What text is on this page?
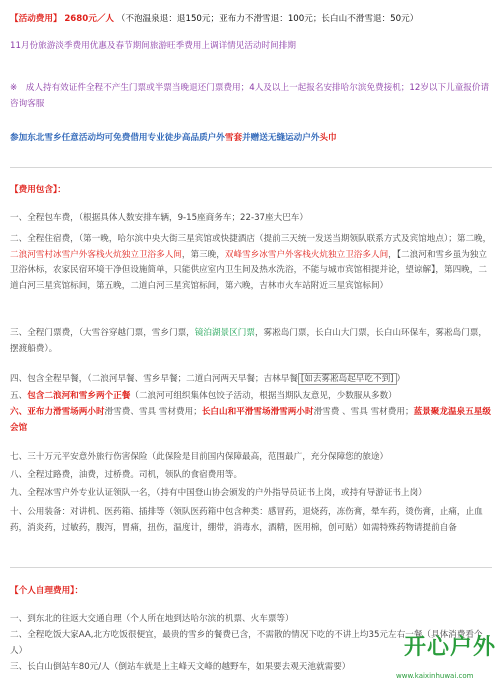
【活动费用】 2680元／人 （不泡温泉退：退150元；亚布力不滑雪退：100元；长白山不滑雪退：50元）
11月份旅游淡季费用优惠及春节期间旅游旺季费用上调详情见活动时间排期
※　成人持有效证件全程不产生门票或半票当晚退还门票费用；4人及以上一起报名安排哈尔滨免费接机；12岁以下儿童报价请咨询客服
参加东北雪乡任意活动均可免费借用专业徒步高品质户外雪套并赠送无缝运动户外头巾
【费用包含】：
一、全程包车费，（根据具体人数安排车辆，9-15座商务车；22-37座大巴车）
二、全程住宿费，（第一晚，哈尔滨中央大街三星宾馆或快捷酒店（提前三天统一发送当期领队联系方式及宾馆地点）；第二晚，二浪河雪村冰雪户外客栈火炕独立卫浴多人间，第三晚，双峰雪乡冰雪户外客栈火炕独立卫浴多人间，【二浪河和雪乡虽为独立卫浴休标，农家民宿环境干净但设施简单，只能供应室内卫生间及热水洗浴，不能与城市宾馆相提并论，望谅解】，第四晚，二道白河三星宾馆标间，第五晚，二道白河三星宾馆标间，第六晚，吉林市火车站附近三星宾馆标间）
三、全程门票费，（大雪谷穿越门票，雪乡门票，镜泊湖景区门票，雾凇岛门票，长白山大门票，长白山环保车，雾凇岛门票，摆渡船费）。
四、包含全程早餐，（二浪河早餐、雪乡早餐；二道白河两天早餐；吉林早餐 [如去雾凇岛起早吃不到] ）
五、包含二浪河和雪乡两个正餐（二浪河可组织集体包饺子活动，根据当期队友意见，少数服从多数）
六、亚布力滑雪场两小时滑雪费、雪具 雪材费用；长白山和平滑雪场滑雪两小时滑雪费 、雪具 雪材费用；蓝景聚龙温泉五星级会馆
七、三十万元平安意外旅行伤害保险（此保险是目前国内保障最高，范围最广，充分保障您的旅途）
八、全程过路费，油费，过桥费。司机，领队的食宿费用等。
九、全程冰雪户外专业认证领队一名，（持有中国登山协会颁发的户外指导员证书上岗，或持有导游证书上岗）
十、公用装备：对讲机、医药箱、插排等（领队医药箱中包含种类：感冒药，退烧药，冻伤膏，晕车药，烫伤膏，止痛，止血药，消炎药，过敏药，腹泻，胃痛，扭伤，温度计，绷带，消毒水，酒精，医用棉，创可贴）如需特殊药物请提前自备
【个人自理费用】：
一、到东北的往返大交通自理（个人所在地到达哈尔滨的机票、火车票等）
二、全程吃饭大家AA,北方吃饭很便宜，最贵的雪乡的餐费已含，不需散的情况下吃的不讲上均35元左右一餐（具体消费看个人）
三、长白山倒站车80元/人（倒站车就是上主峰天文峰的越野车，如果要去观天池就需要）
开心户外
www.kaixinhuwai.com
